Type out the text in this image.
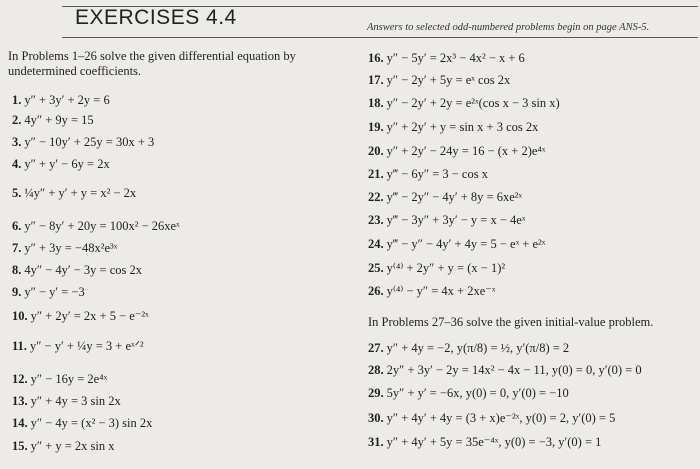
EXERCISES 4.4	Answers to selected odd-numbered problems begin on page ANS-5.
In Problems 1–26 solve the given differential equation by undetermined coefficients.
1. y″ + 3y′ + 2y = 6
2. 4y″ + 9y = 15
3. y″ − 10y′ + 25y = 30x + 3
4. y″ + y′ − 6y = 2x
5. ¼y″ + y′ + y = x² − 2x
6. y″ − 8y′ + 20y = 100x² − 26xeˣ
7. y″ + 3y = −48x²e³ˣ
8. 4y″ − 4y′ − 3y = cos 2x
9. y″ − y′ = −3
10. y″ + 2y′ = 2x + 5 − e⁻²ˣ
11. y″ − y′ + ¼y = 3 + eˣᐟ²
12. y″ − 16y = 2e⁴ˣ
13. y″ + 4y = 3 sin 2x
14. y″ − 4y = (x² − 3) sin 2x
15. y″ + y = 2x sin x
16. y″ − 5y′ = 2x³ − 4x² − x + 6
17. y″ − 2y′ + 5y = eˣ cos 2x
18. y″ − 2y′ + 2y = e²ˣ(cos x − 3 sin x)
19. y″ + 2y′ + y = sin x + 3 cos 2x
20. y″ + 2y′ − 24y = 16 − (x + 2)e⁴ˣ
21. y‴ − 6y″ = 3 − cos x
22. y‴ − 2y″ − 4y′ + 8y = 6xe²ˣ
23. y‴ − 3y″ + 3y′ − y = x − 4eˣ
24. y‴ − y″ − 4y′ + 4y = 5 − eˣ + e²ˣ
25. y⁽⁴⁾ + 2y″ + y = (x − 1)²
26. y⁽⁴⁾ − y″ = 4x + 2xe⁻ˣ
In Problems 27–36 solve the given initial-value problem.
27. y″ + 4y = −2, y(π/8) = ½, y′(π/8) = 2
28. 2y″ + 3y′ − 2y = 14x² − 4x − 11, y(0) = 0, y′(0) = 0
29. 5y″ + y′ = −6x, y(0) = 0, y′(0) = −10
30. y″ + 4y′ + 4y = (3 + x)e⁻²ˣ, y(0) = 2, y′(0) = 5
31. y″ + 4y′ + 5y = 35e⁻⁴ˣ, y(0) = −3, y′(0) = 1
